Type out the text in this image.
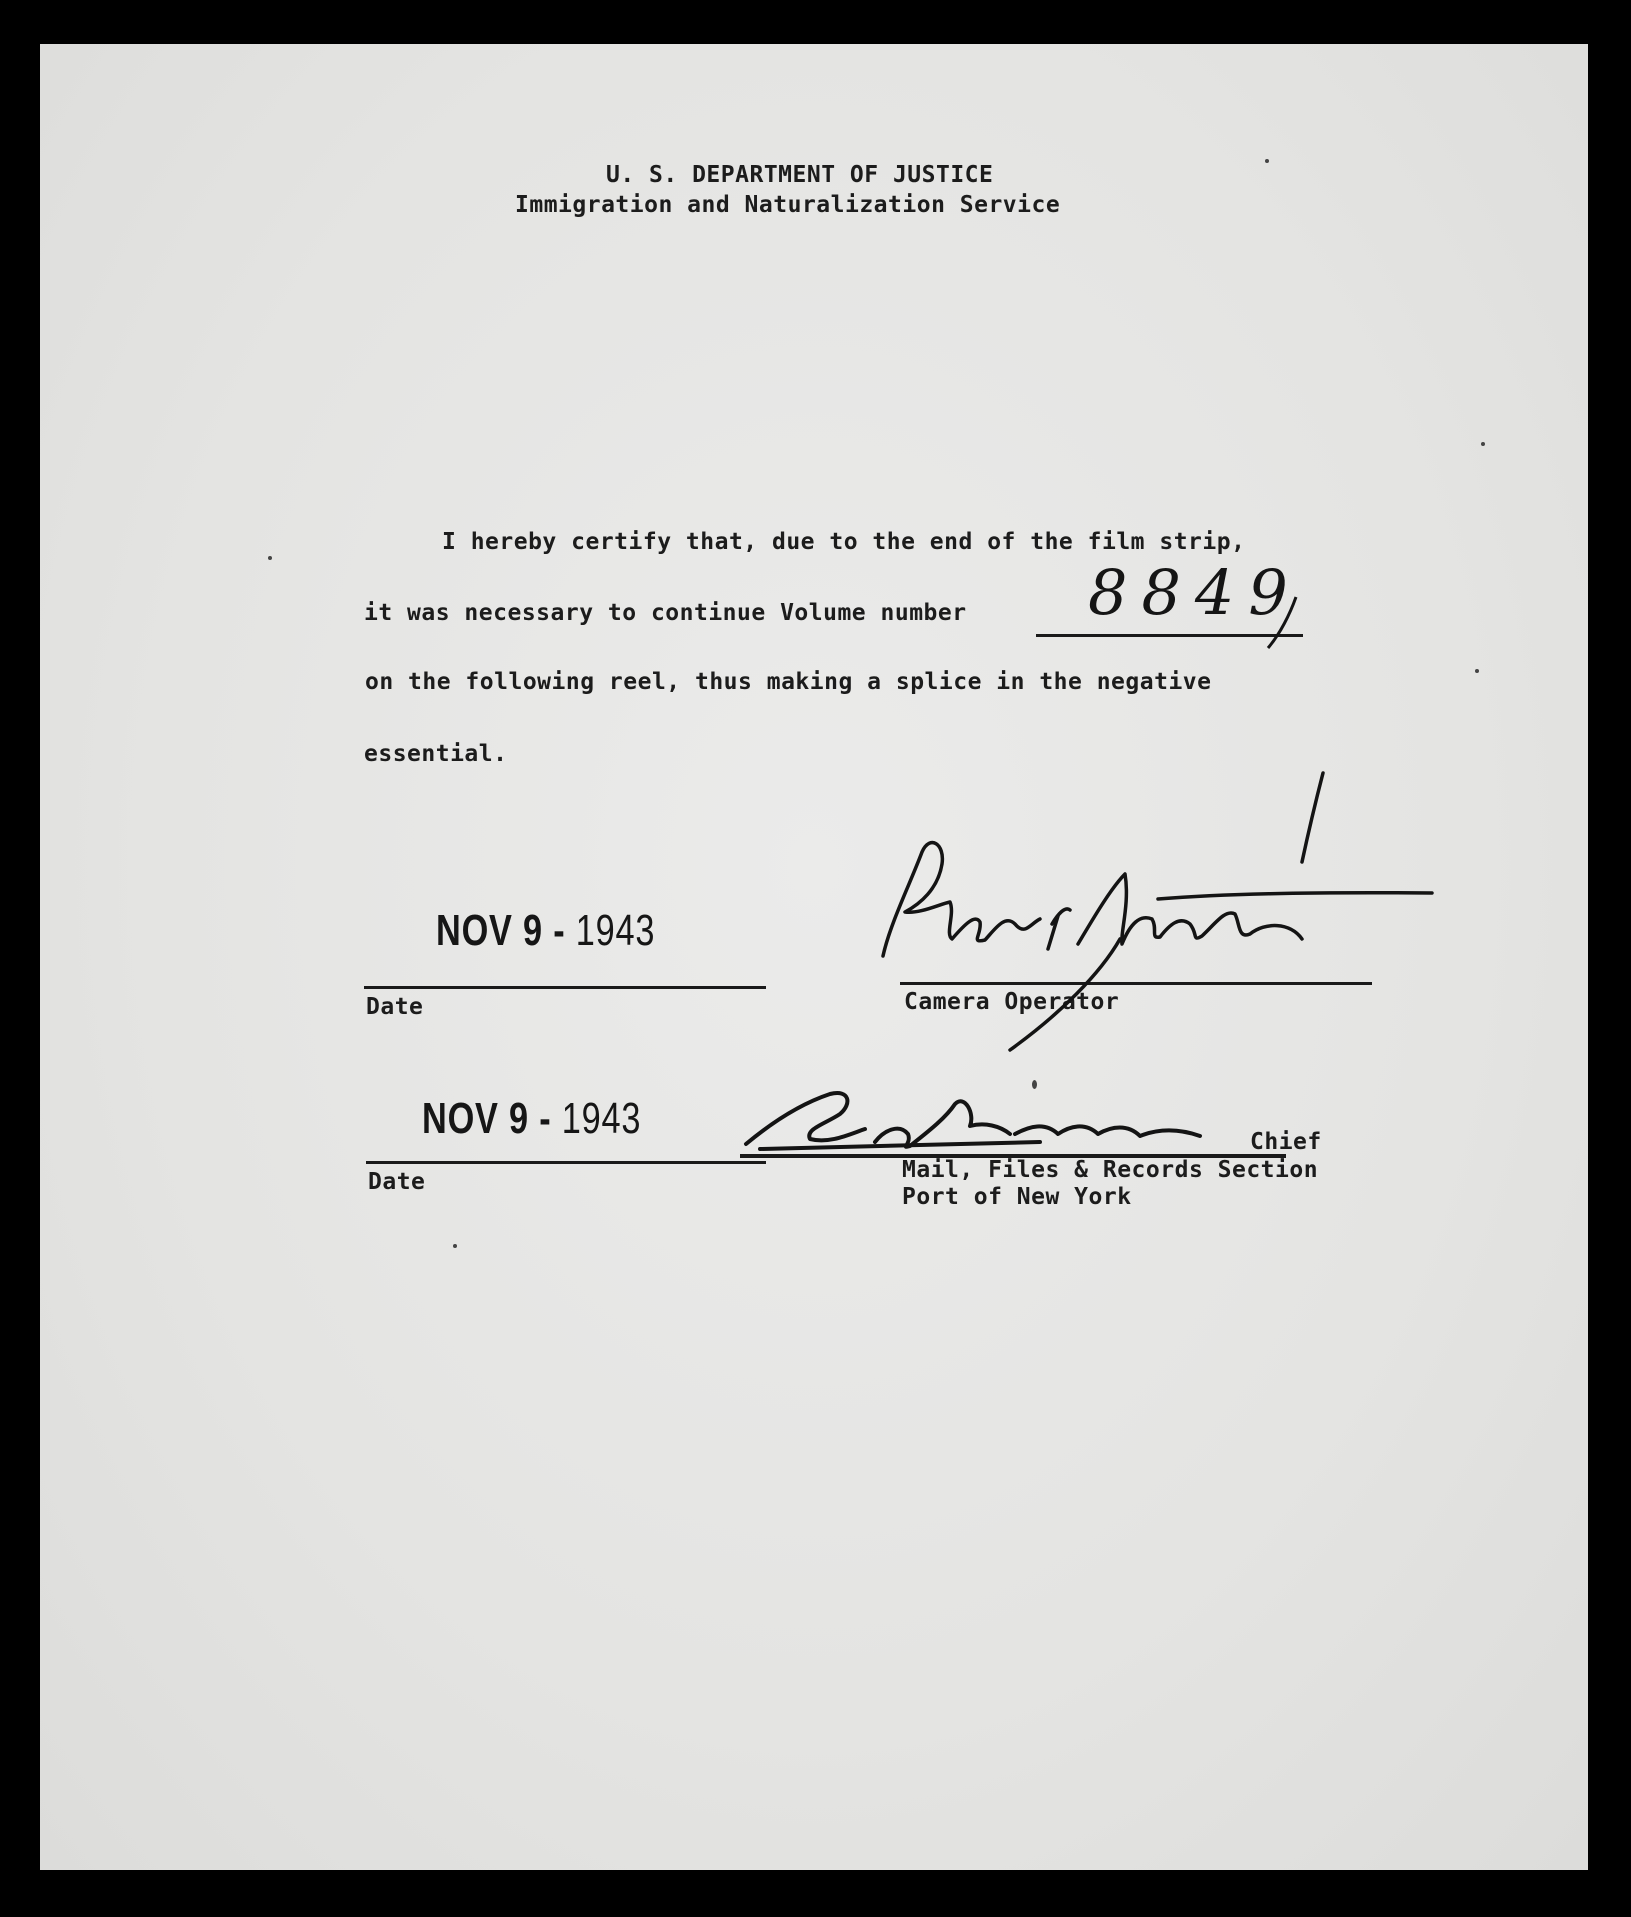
U. S. DEPARTMENT OF JUSTICE
Immigration and Naturalization Service
I hereby certify that, due to the end of the film strip,
it was necessary to continue Volume number 8849
on the following reel, thus making a splice in the negative
essential.
NOV 9 - 1943
Date	Camera Operator
NOV 9 - 1943
Date
Chief
Mail, Files & Records Section
Port of New York
